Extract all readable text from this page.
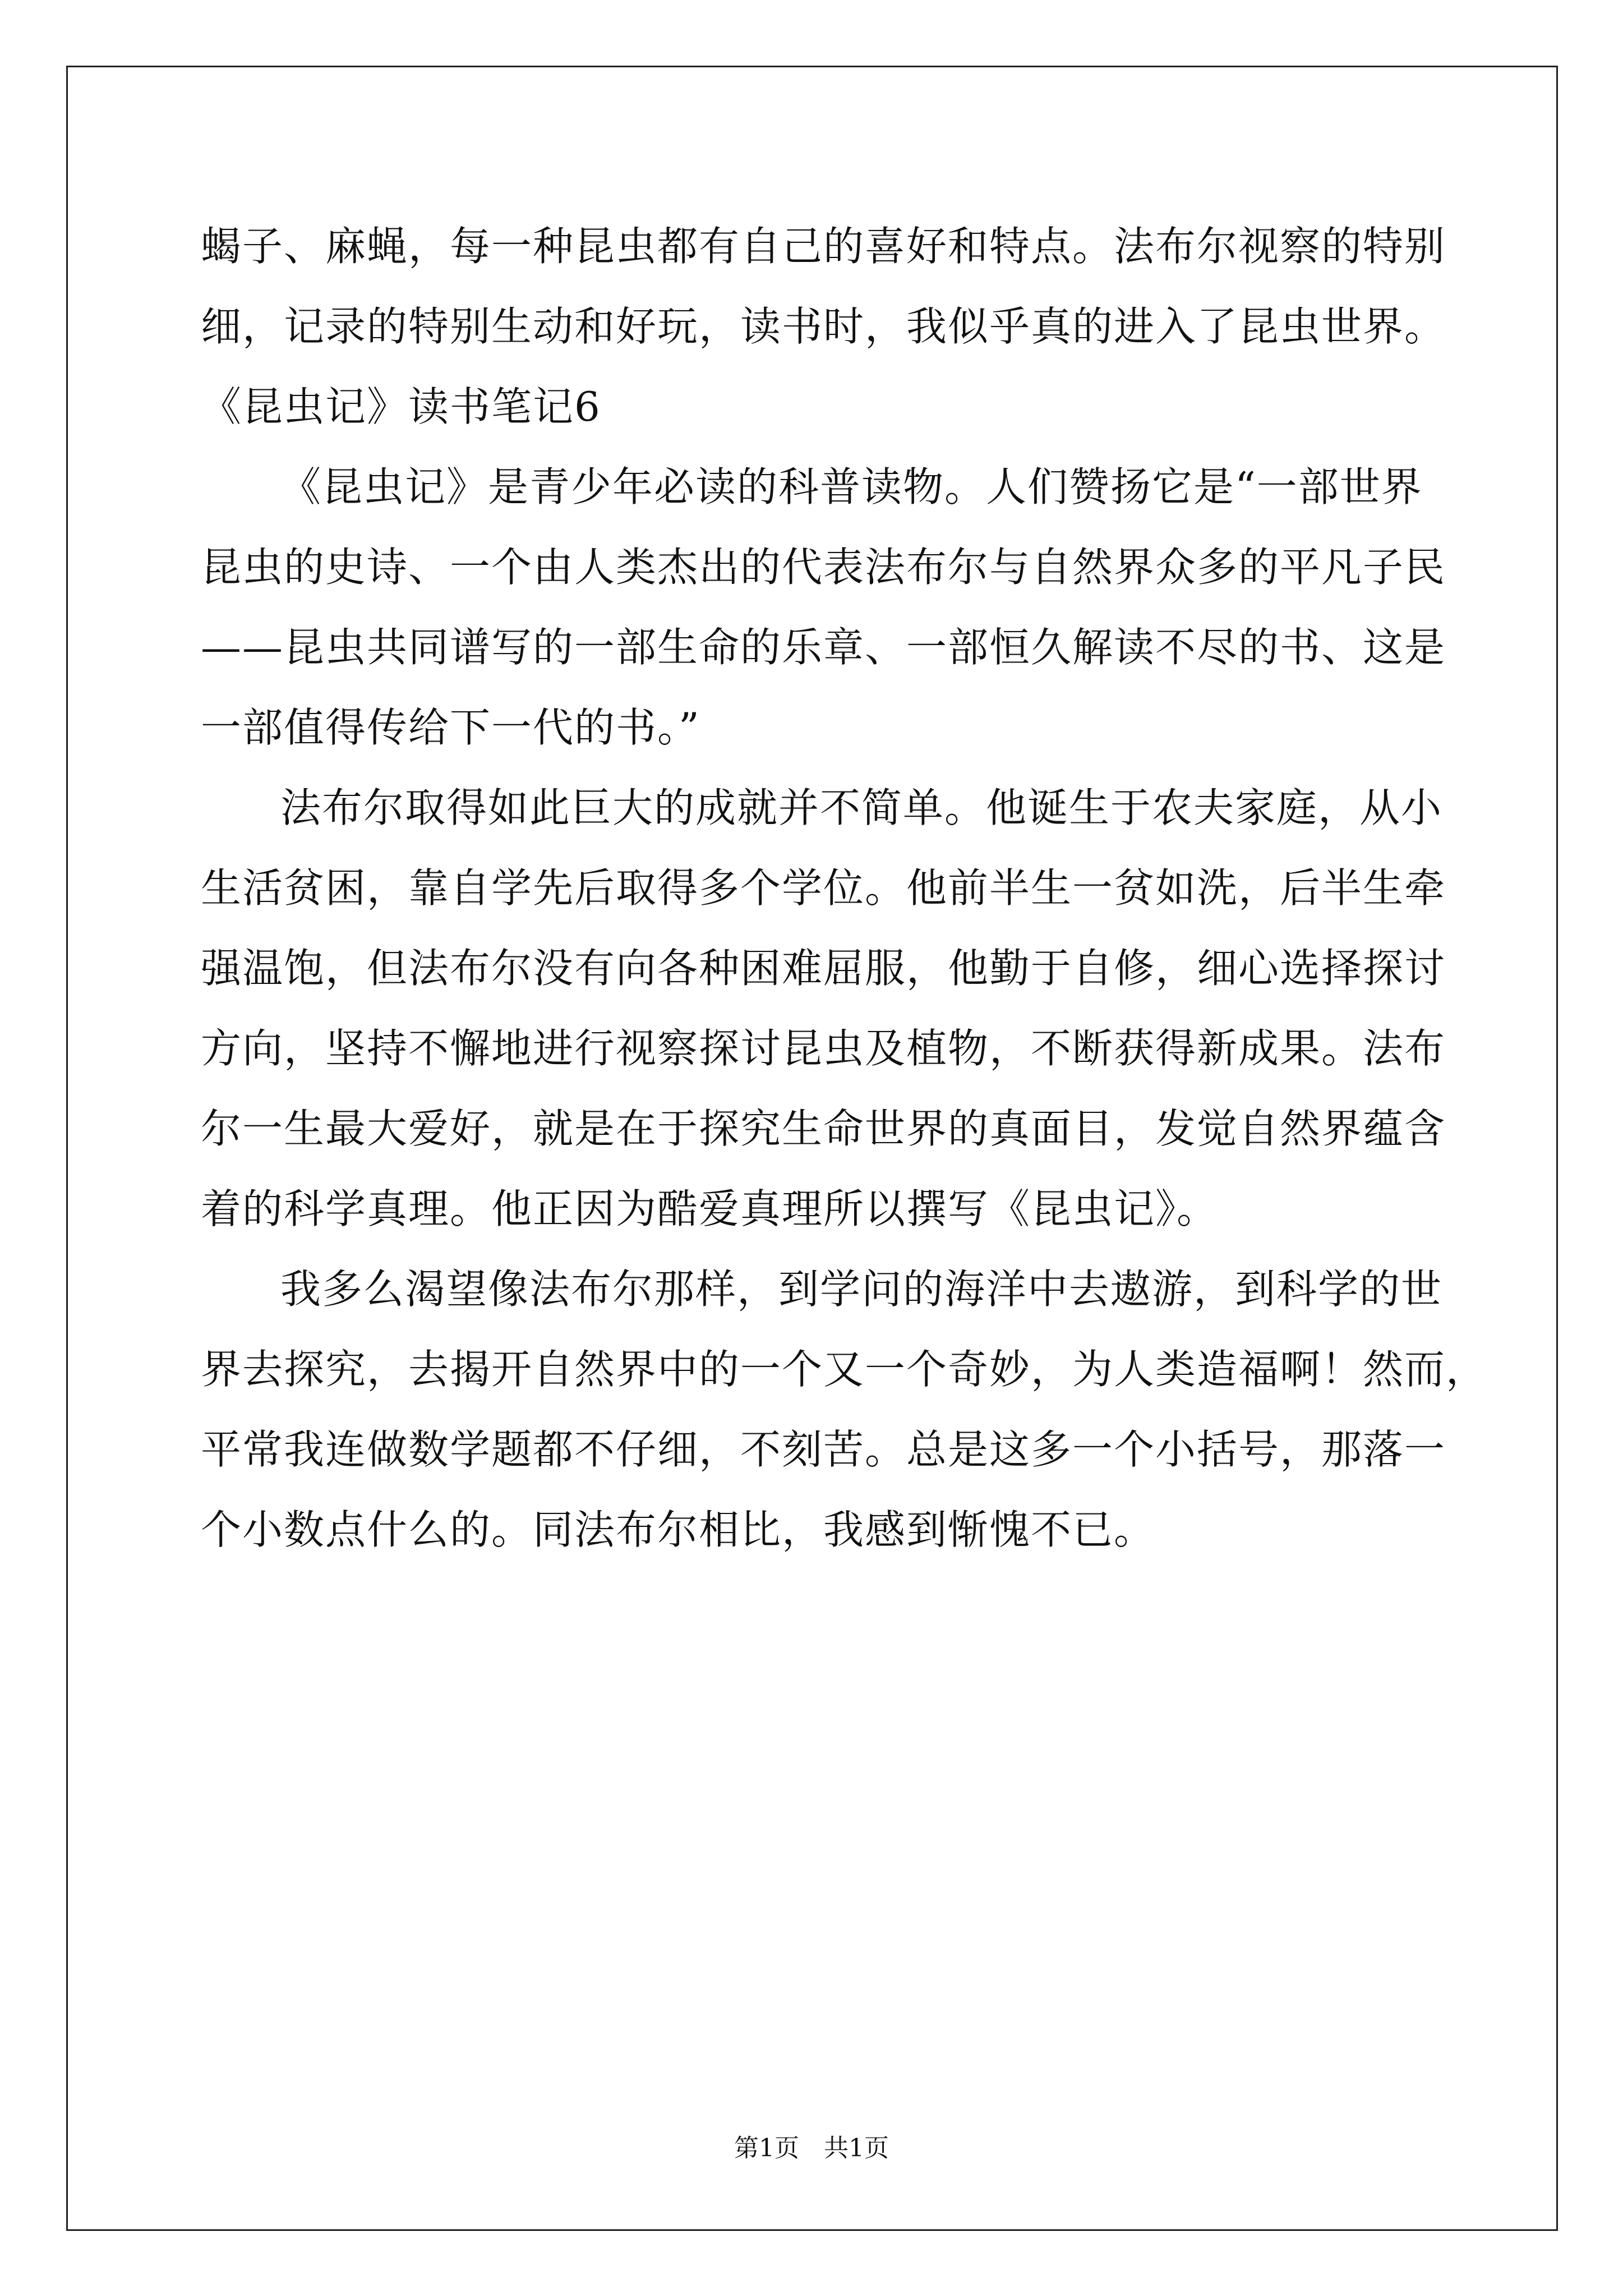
蝎子、麻蝇，每一种昆虫都有自己的喜好和特点。法布尔视察的特别
细，记录的特别生动和好玩，读书时，我似乎真的进入了昆虫世界。
《昆虫记》读书笔记6
《昆虫记》是青少年必读的科普读物。人们赞扬它是“一部世界
昆虫的史诗、一个由人类杰出的代表法布尔与自然界众多的平凡子民
——昆虫共同谱写的一部生命的乐章、一部恒久解读不尽的书、这是
一部值得传给下一代的书。”
法布尔取得如此巨大的成就并不简单。他诞生于农夫家庭，从小
生活贫困，靠自学先后取得多个学位。他前半生一贫如洗，后半生牵
强温饱，但法布尔没有向各种困难屈服，他勤于自修，细心选择探讨
方向，坚持不懈地进行视察探讨昆虫及植物，不断获得新成果。法布
尔一生最大爱好，就是在于探究生命世界的真面目，发觉自然界蕴含
着的科学真理。他正因为酷爱真理所以撰写《昆虫记》。
我多么渴望像法布尔那样，到学问的海洋中去遨游，到科学的世
界去探究，去揭开自然界中的一个又一个奇妙，为人类造福啊！然而，
平常我连做数学题都不仔细，不刻苦。总是这多一个小括号，那落一
个小数点什么的。同法布尔相比，我感到惭愧不已。
第1页　共1页
